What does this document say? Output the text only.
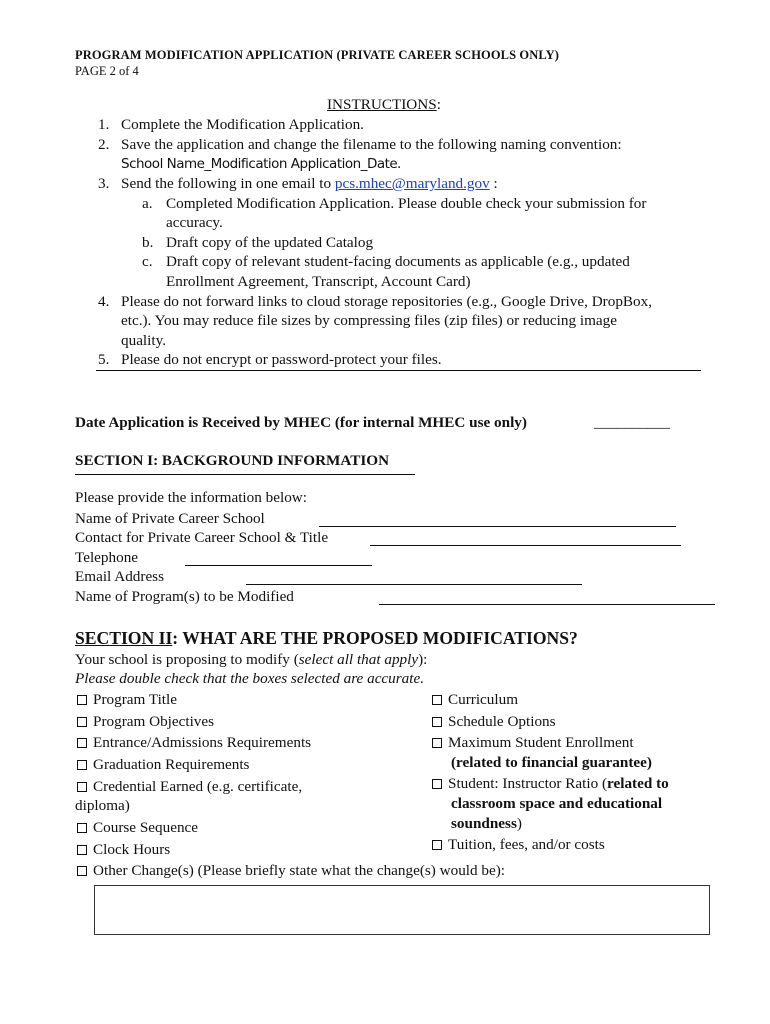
PROGRAM MODIFICATION APPLICATION (PRIVATE CAREER SCHOOLS ONLY)
PAGE 2 of 4
INSTRUCTIONS:
1. Complete the Modification Application.
2. Save the application and change the filename to the following naming convention:
School Name_Modification Application_Date.
3. Send the following in one email to pcs.mhec@maryland.gov :
a. Completed Modification Application. Please double check your submission for
accuracy.
b. Draft copy of the updated Catalog
c. Draft copy of relevant student-facing documents as applicable (e.g., updated
Enrollment Agreement, Transcript, Account Card)
4. Please do not forward links to cloud storage repositories (e.g., Google Drive, DropBox,
etc.). You may reduce file sizes by compressing files (zip files) or reducing image
quality.
5. Please do not encrypt or password-protect your files.
Date Application is Received by MHEC (for internal MHEC use only)	__________
SECTION I: BACKGROUND INFORMATION
Please provide the information below:
Name of Private Career School
Contact for Private Career School & Title
Telephone
Email Address
Name of Program(s) to be Modified
SECTION II: WHAT ARE THE PROPOSED MODIFICATIONS?
Your school is proposing to modify (select all that apply):
Please double check that the boxes selected are accurate.
Program Title
Program Objectives
Entrance/Admissions Requirements
Graduation Requirements
Credential Earned (e.g. certificate,
diploma)
Course Sequence
Clock Hours
Curriculum
Schedule Options
Maximum Student Enrollment
(related to financial guarantee)
Student: Instructor Ratio (related to
classroom space and educational
soundness)
Tuition, fees, and/or costs
Other Change(s) (Please briefly state what the change(s) would be):
